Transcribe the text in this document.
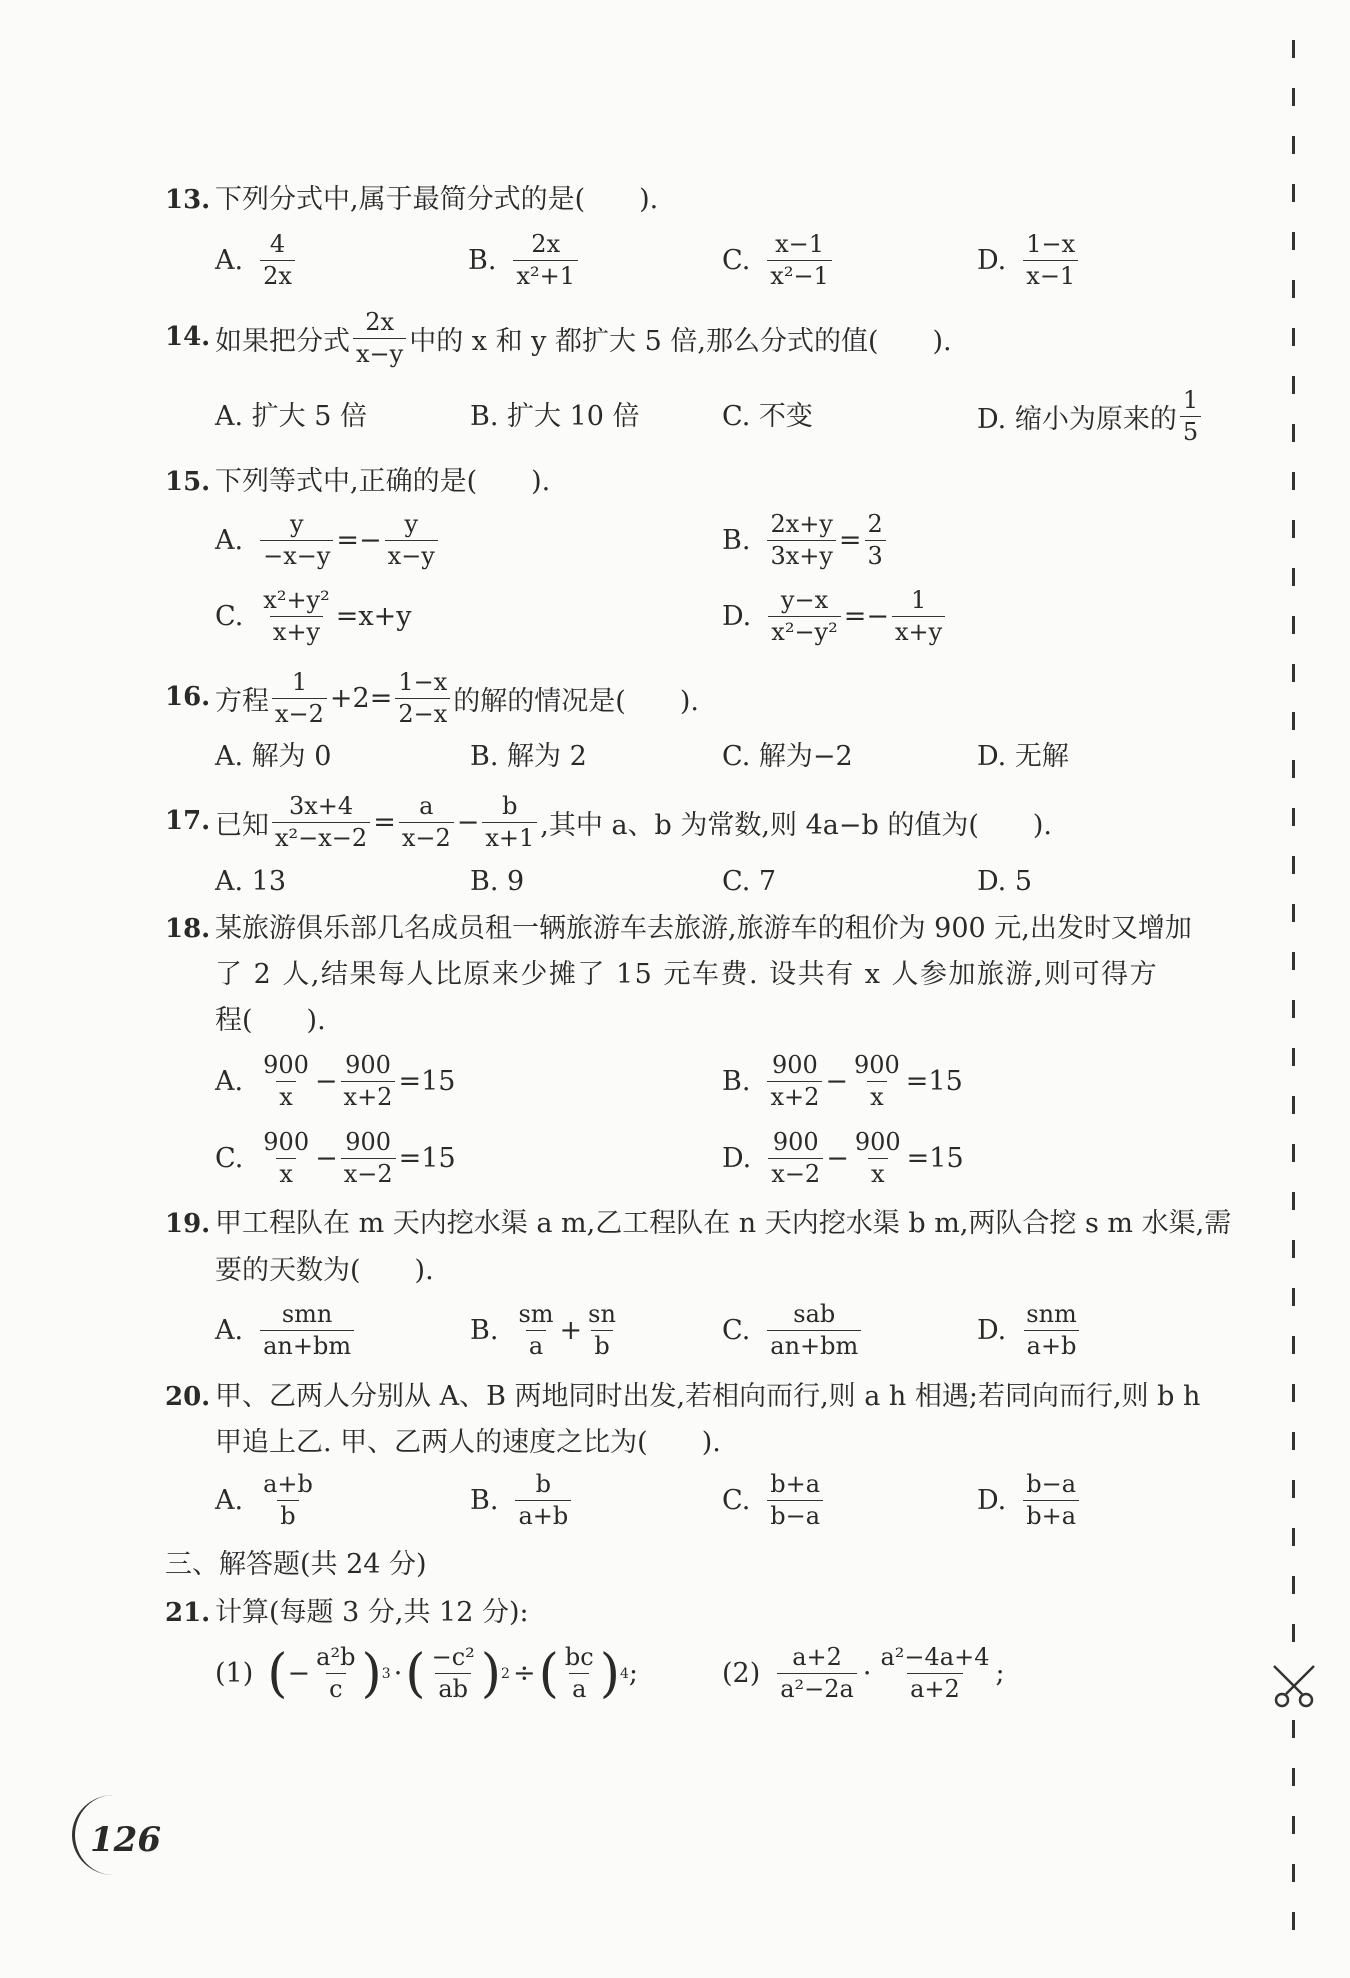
13. 下列分式中,属于最简分式的是(　　).
A. $\frac{4}{2x}$	B. $\frac{2x}{\text{x²+1}}$	C. $\frac{x-1}{\text{x²−1}}$	D. $\frac{1-x}{x-1}$
14. 如果把分式 $\frac{2x}{x-y}$ 中的 x 和 y 都扩大 5 倍,那么分式的值(　　).
A. 扩大 5 倍	B. 扩大 10 倍	C. 不变	D. 缩小为原来的 $\frac{1}{5}$
15. 下列等式中,正确的是(　　).
A. $\frac{y}{-x-y} =- \frac{y}{x-y}$	B. $\frac{2x+y}{3x+y} = \frac{2}{3}$
C. $\frac{\text{x²+y²}}{x+y} =x+y$	D. $\frac{y-x}{\text{x²−y²}} =- \frac{1}{x+y}$
16. 方程 $\frac{1}{x-2} +2= \frac{1-x}{2-x}$ 的解的情况是(　　).
A. 解为 0	B. 解为 2	C. 解为−2	D. 无解
17. 已知 $\frac{3x+4}{\text{x²−x−2}} = \frac{a}{x-2} - \frac{b}{x+1}$ ,其中 a、b 为常数,则 4a−b 的值为(　　).
A. 13	B. 9	C. 7	D. 5
18. 某旅游俱乐部几名成员租一辆旅游车去旅游,旅游车的租价为 900 元,出发时又增加
了 2 人,结果每人比原来少摊了 15 元车费. 设共有 x 人参加旅游,则可得方
程(　　).
A. $\frac{900}{x} - \frac{900}{x+2} =15$	B. $\frac{900}{x+2} - \frac{900}{x} =15$
C. $\frac{900}{x} - \frac{900}{x-2} =15$	D. $\frac{900}{x-2} - \frac{900}{x} =15$
19. 甲工程队在 m 天内挖水渠 a m,乙工程队在 n 天内挖水渠 b m,两队合挖 s m 水渠,需
要的天数为(　　).
A. $\frac{\text{smn}}{an+bm}$	B. $\frac{sm}{a} + \frac{sn}{b}$	C. $\frac{\text{sab}}{an+bm}$	D. $\frac{\text{snm}}{a+b}$
20. 甲、乙两人分别从 A、B 两地同时出发,若相向而行,则 a h 相遇;若同向而行,则 b h
甲追上乙. 甲、乙两人的速度之比为(　　).
A. $\frac{a+b}{b}$	B. $\frac{b}{a+b}$	C. $\frac{b+a}{b-a}$	D. $\frac{b-a}{b+a}$
三、解答题(共 24 分)
21. 计算(每题 3 分,共 12 分):
(1) ( − $\frac{\text{a²b}}{c}$ ) 3 · ( $\frac{\text{−c²}}{ab}$ ) 2 ÷ ( $\frac{bc}{a}$ ) 4 ;	$(2) \frac{a+2}{\text{a²−2a}} \cdot \frac{\text{a²−4a+4}}{a+2}$ ;
126
